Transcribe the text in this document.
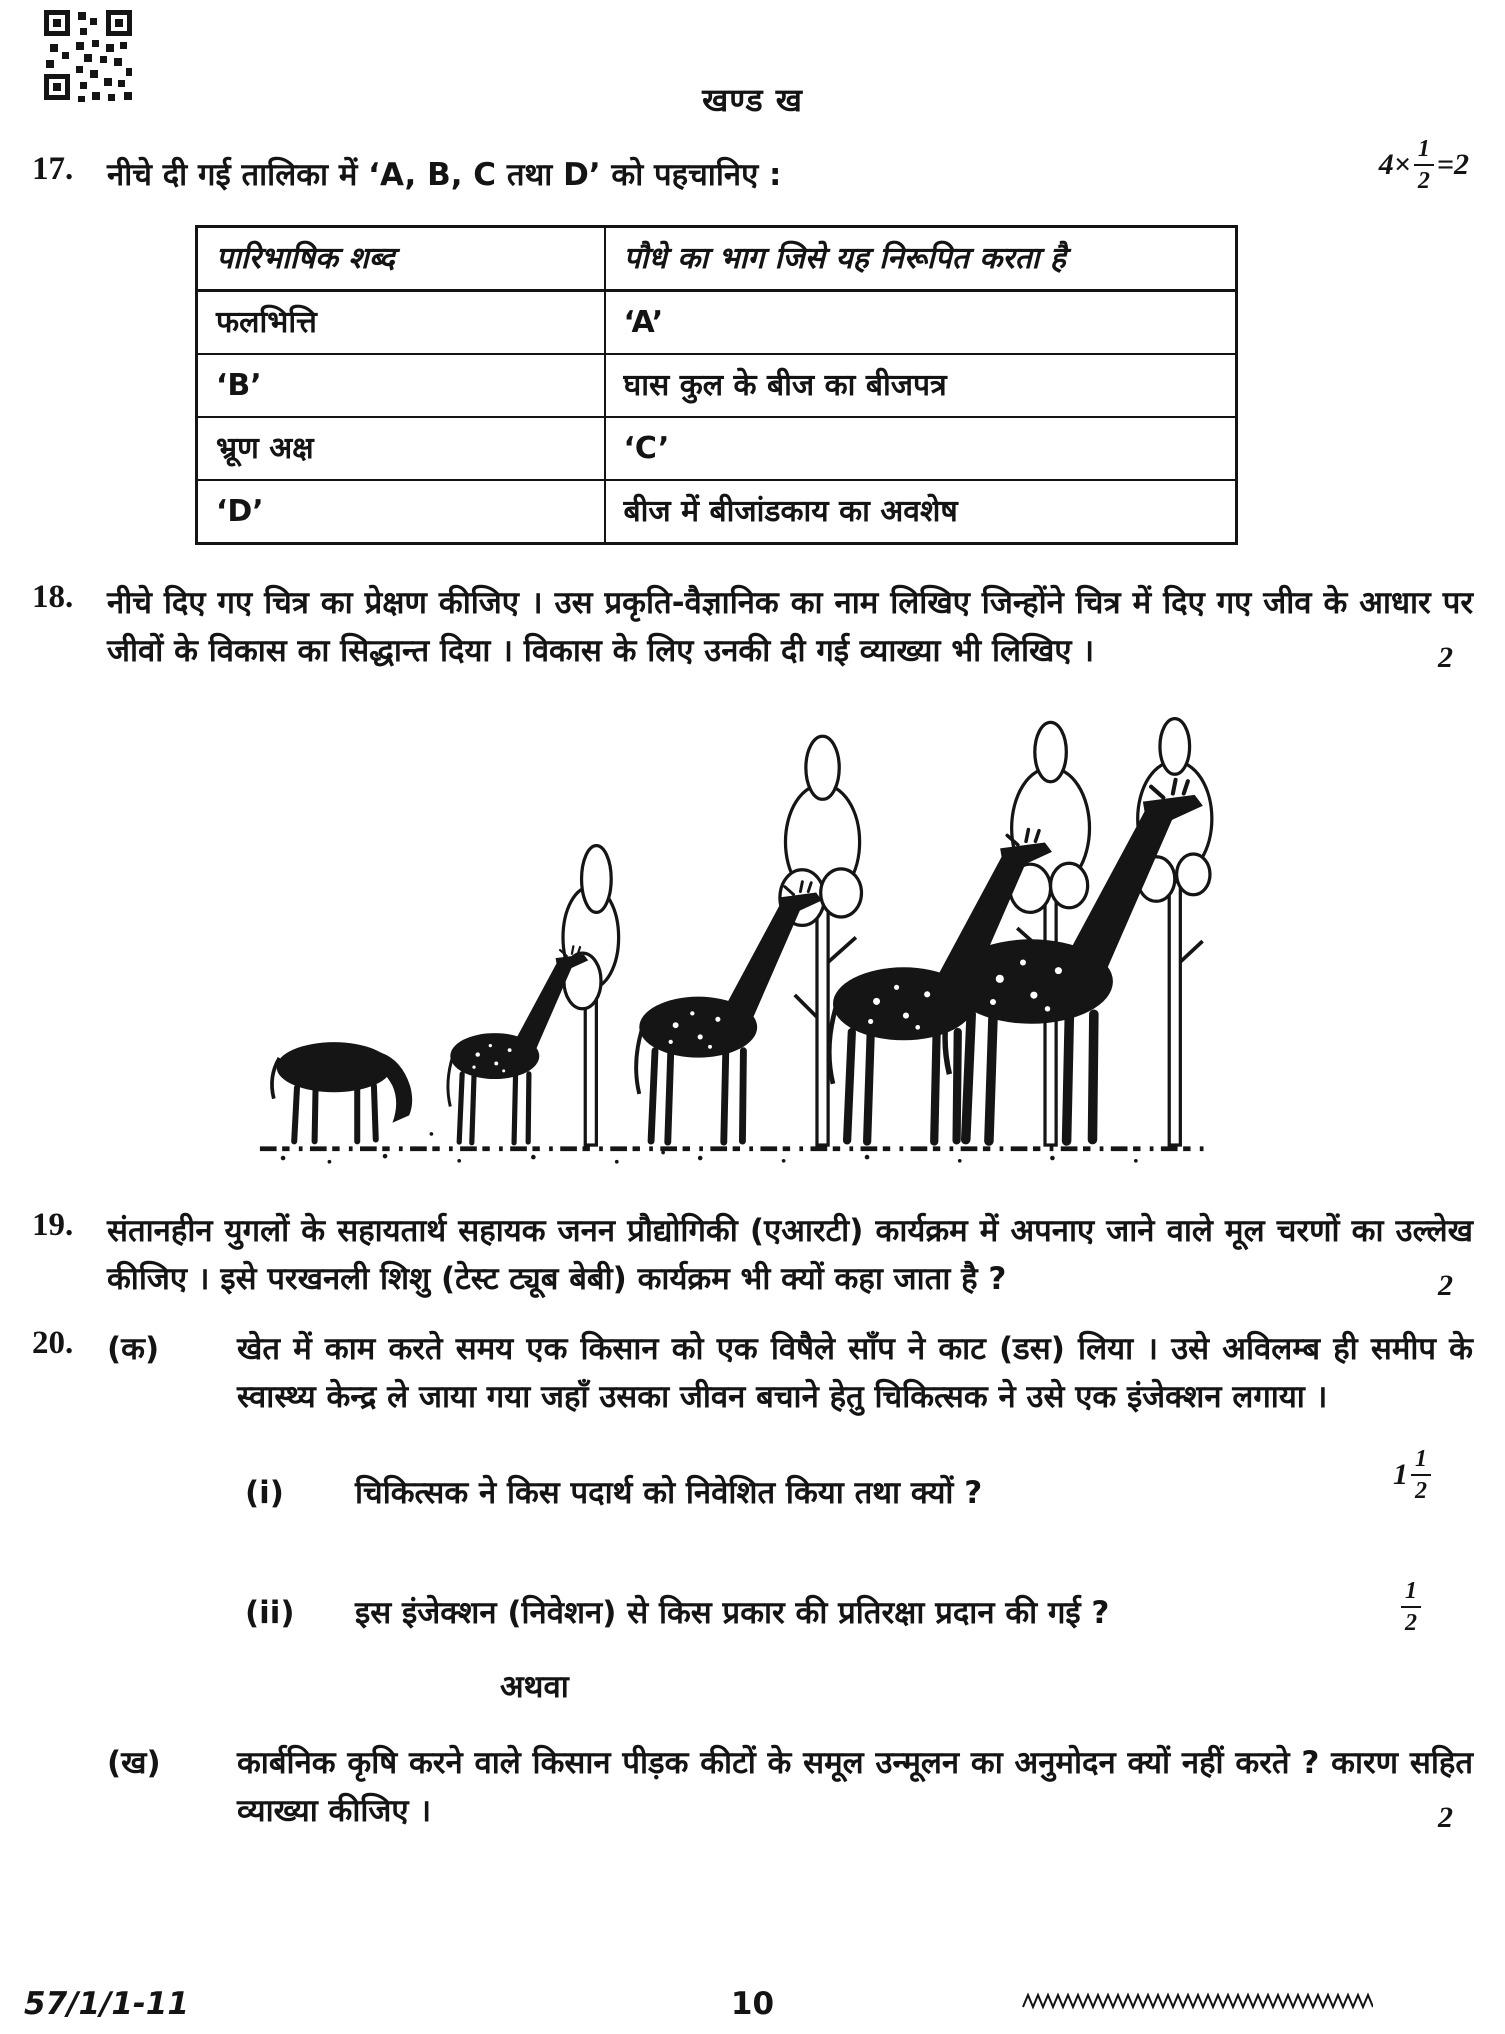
खण्ड ख
17.	नीचे दी गई तालिका में ‘A, B, C तथा D’ को पहचानिए :
पारिभाषिक शब्द	पौधे का भाग जिसे यह निरूपित करता है
फलभित्ति	‘A’
‘B’	घास कुल के बीज का बीजपत्र
भ्रूण अक्ष	‘C’
‘D’	बीज में बीजांडकाय का अवशेष
$4\times \frac{1}{2} =2$
18.	नीचे दिए गए चित्र का प्रेक्षण कीजिए । उस प्रकृति-वैज्ञानिक का नाम लिखिए जिन्होंने चित्र में दिए गए जीव के आधार पर जीवों के विकास का सिद्धान्त दिया । विकास के लिए उनकी दी गई व्याख्या भी लिखिए ।	2
19.	संतानहीन युगलों के सहायतार्थ सहायक जनन प्रौद्योगिकी (एआरटी) कार्यक्रम में अपनाए जाने वाले मूल चरणों का उल्लेख कीजिए । इसे परखनली शिशु (टेस्ट ट्यूब बेबी) कार्यक्रम भी क्यों कहा जाता है ?	2
20.	(क)	खेत में काम करते समय एक किसान को एक विषैले साँप ने काट (डस) लिया । उसे अविलम्ब ही समीप के स्वास्थ्य केन्द्र ले जाया गया जहाँ उसका जीवन बचाने हेतु चिकित्सक ने उसे एक इंजेक्शन लगाया ।
(i)	चिकित्सक ने किस पदार्थ को निवेशित किया तथा क्यों ?
$1 \frac{1}{2}$
(ii)	इस इंजेक्शन (निवेशन) से किस प्रकार की प्रतिरक्षा प्रदान की गई ?	$\frac{1}{2}$
अथवा
(ख)	कार्बनिक कृषि करने वाले किसान पीड़क कीटों के समूल उन्मूलन का अनुमोदन क्यों नहीं करते ? कारण सहित व्याख्या कीजिए ।	2
57/1/1-11	10
